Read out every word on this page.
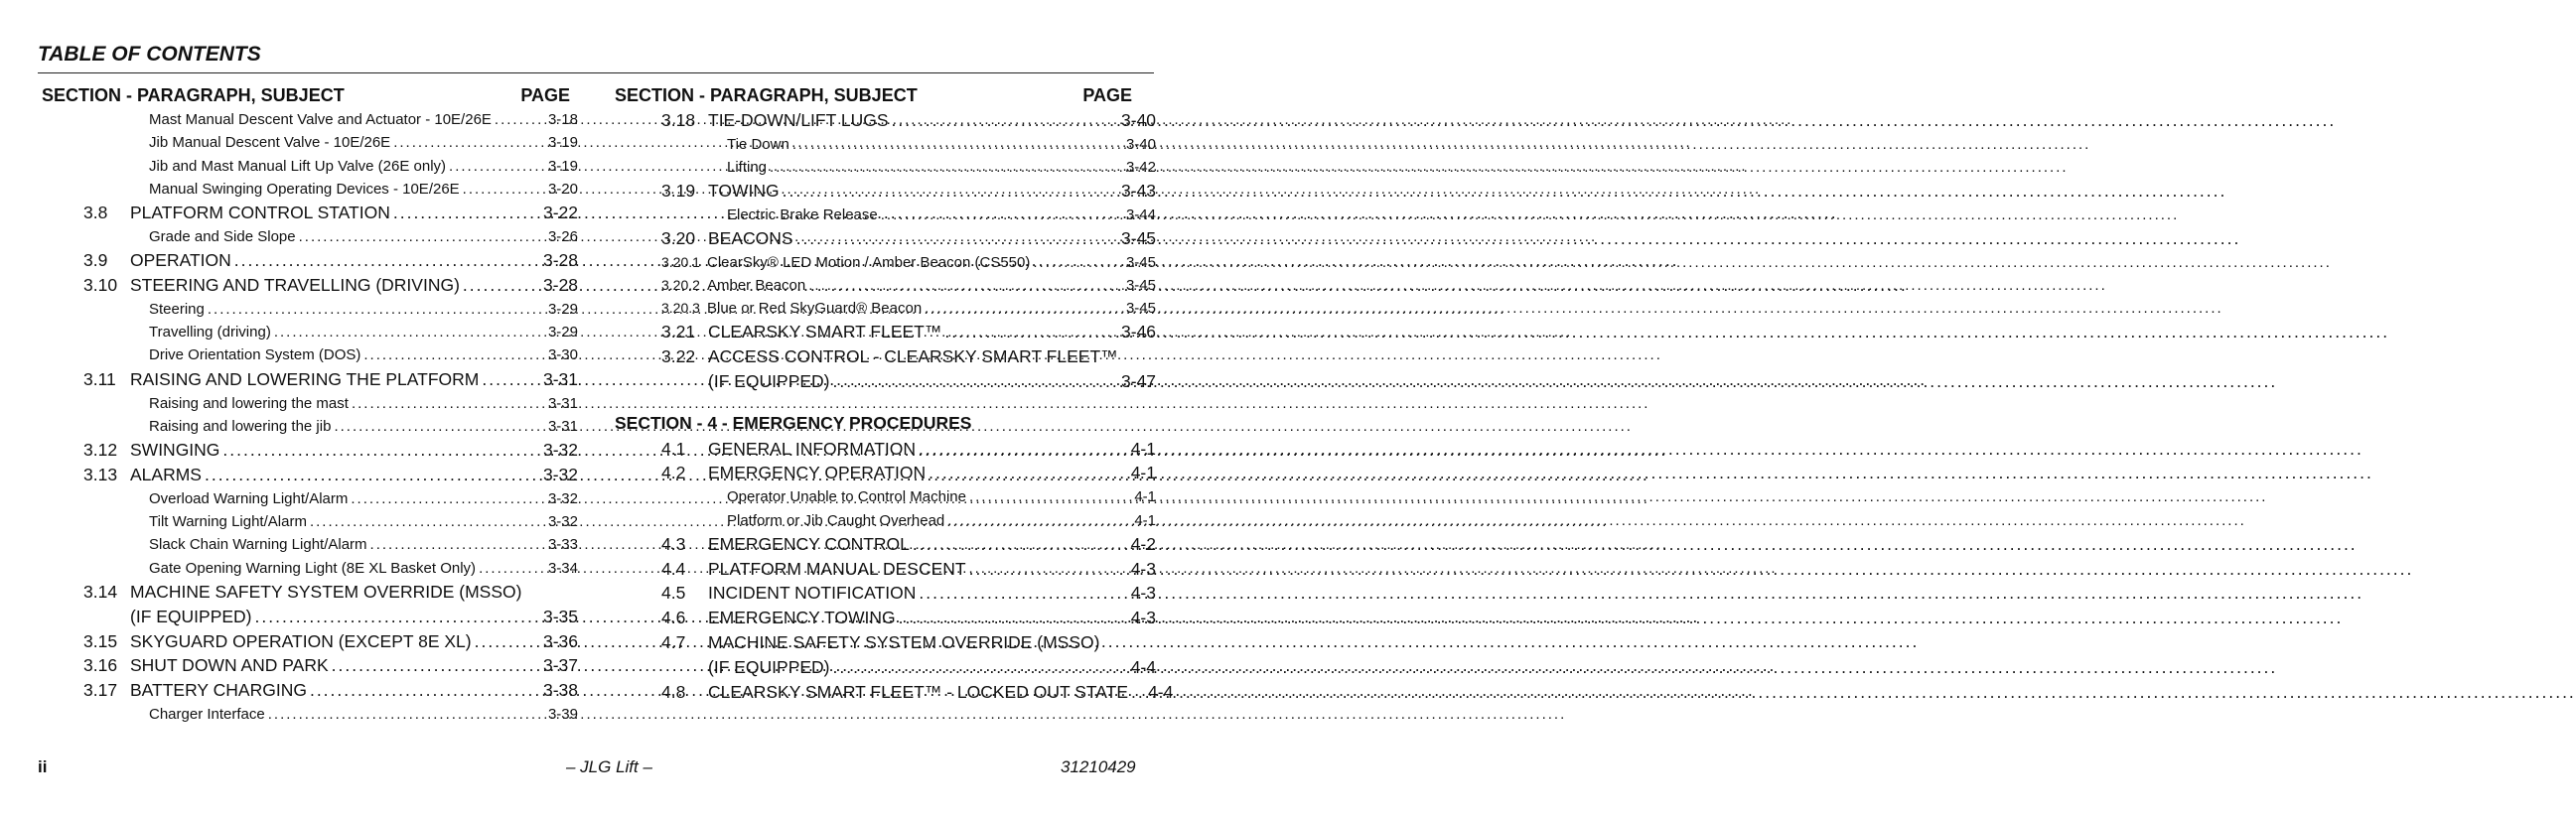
TABLE OF CONTENTS
SECTION - PARAGRAPH, SUBJECT	PAGE
Mast Manual Descent Valve and Actuator - 10E/26E .....	3-18
Jib Manual Descent Valve - 10E/26E .....	3-19
Jib and Mast Manual Lift Up Valve (26E only) .....	3-19
Manual Swinging Operating Devices - 10E/26E .....	3-20
3.8	PLATFORM CONTROL STATION .....	3-22
Grade and Side Slope .....	3-26
3.9	OPERATION .....	3-28
3.10 STEERING AND TRAVELLING (DRIVING) .....	3-28
Steering .....	3-29
Travelling (driving) .....	3-29
Drive Orientation System (DOS) .....	3-30
3.11 RAISING AND LOWERING THE PLATFORM .....	3-31
Raising and lowering the mast .....	3-31
Raising and lowering the jib .....	3-31
3.12 SWINGING .....	3-32
3.13 ALARMS .....	3-32
Overload Warning Light/Alarm .....	3-32
Tilt Warning Light/Alarm .....	3-32
Slack Chain Warning Light/Alarm .....	3-33
Gate Opening Warning Light (8E XL Basket Only) .....	3-34
3.14 MACHINE SAFETY SYSTEM OVERRIDE (MSSO)
(IF EQUIPPED) .....	3-35
3.15 SKYGUARD OPERATION (EXCEPT 8E XL) .....	3-36
3.16 SHUT DOWN AND PARK .....	3-37
3.17 BATTERY CHARGING .....	3-38
Charger Interface .....	3-39
SECTION - PARAGRAPH, SUBJECT	PAGE
3.18 TIE-DOWN/LIFT LUGS .....	3-40
Tie Down .....	3-40
Lifting .....	3-42
3.19 TOWING .....	3-43
Electric Brake Release .....	3-44
3.20 BEACONS .....	3-45
3.20.1 ClearSky® LED Motion / Amber Beacon (CS550) .....	3-45
3.20.2 Amber Beacon .....	3-45
3.20.3 Blue or Red SkyGuard® Beacon .....	3-45
3.21 CLEARSKY SMART FLEET™ .....	3-46
3.22 ACCESS CONTROL - CLEARSKY SMART FLEET™
(IF EQUIPPED) .....	3-47
SECTION - 4 - EMERGENCY PROCEDURES
4.1	GENERAL INFORMATION .....	4-1
4.2	EMERGENCY OPERATION .....	4-1
Operator Unable to Control Machine .....	4-1
Platform or Jib Caught Overhead .....	4-1
4.3	EMERGENCY CONTROL .....	4-2
4.4	PLATFORM MANUAL DESCENT .....	4-3
4.5	INCIDENT NOTIFICATION .....	4-3
4.6	EMERGENCY TOWING .....	4-3
4.7	MACHINE SAFETY SYSTEM OVERRIDE (MSSO)
(IF EQUIPPED) .....	4-4
4.8	CLEARSKY SMART FLEET™ - LOCKED OUT STATE ..... 4-4
ii	– JLG Lift –	31210429
